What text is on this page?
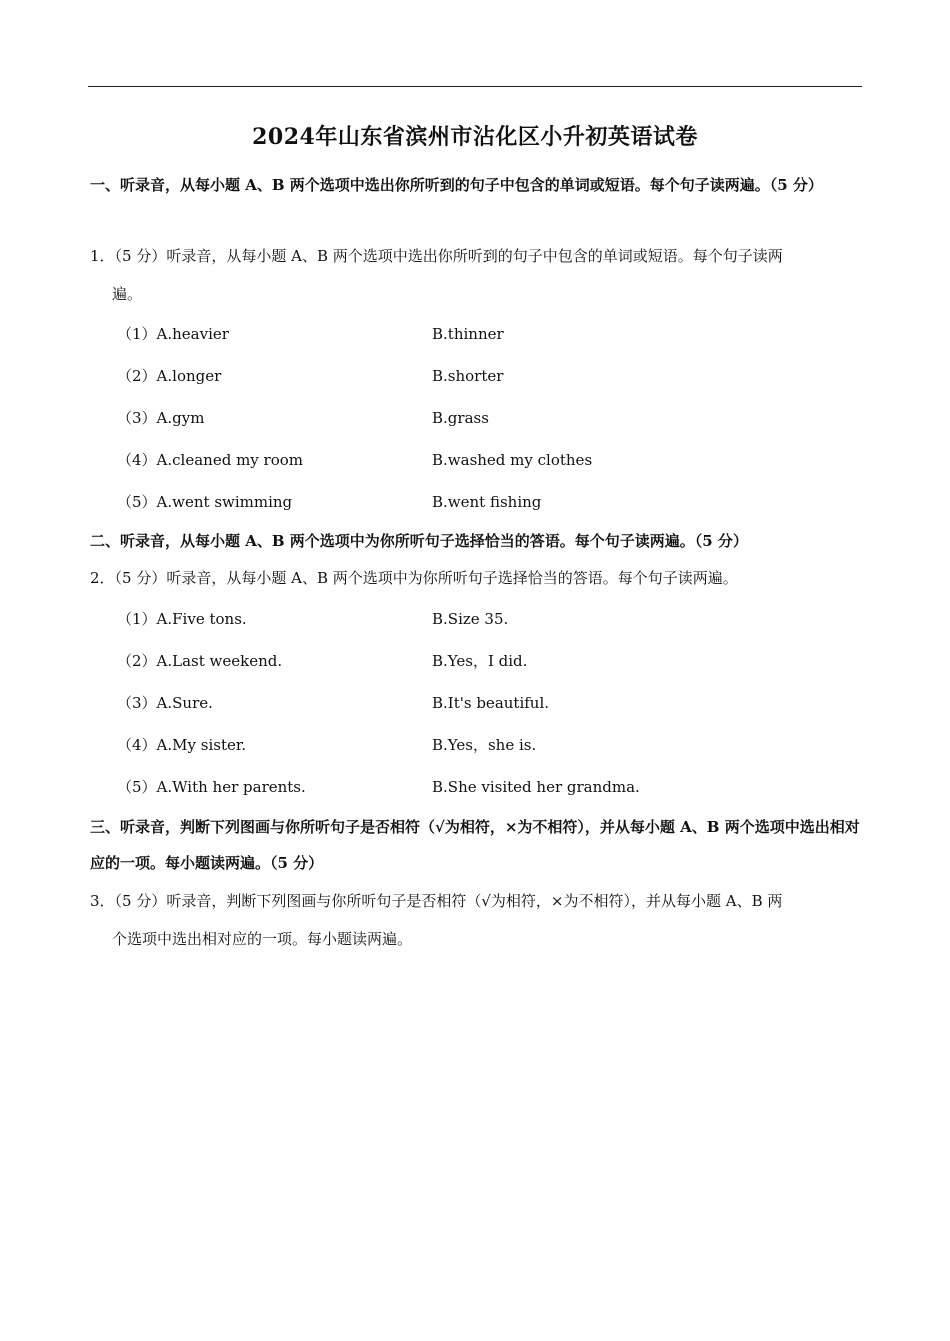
2024年山东省滨州市沾化区小升初英语试卷
一、听录音，从每小题 A、B 两个选项中选出你所听到的句子中包含的单词或短语。每个句子读两遍。（5 分）
1．（5 分）听录音，从每小题 A、B 两个选项中选出你所听到的句子中包含的单词或短语。每个句子读两
遍。
（1）A.heavier	B.thinner
（2）A.longer	B.shorter
（3）A.gym	B.grass
（4）A.cleaned my room	B.washed my clothes
（5）A.went swimming	B.went fishing
二、听录音，从每小题 A、B 两个选项中为你所听句子选择恰当的答语。每个句子读两遍。（5 分）
2．（5 分）听录音，从每小题 A、B 两个选项中为你所听句子选择恰当的答语。每个句子读两遍。
（1）A.Five tons.	B.Size 35.
（2）A.Last weekend.	B.Yes，I did.
（3）A.Sure.	B.It's beautiful.
（4）A.My sister.	B.Yes，she is.
（5）A.With her parents.	B.She visited her grandma.
三、听录音，判断下列图画与你所听句子是否相符（√为相符，×为不相符），并从每小题 A、B 两个选项中选出相对应的一项。每小题读两遍。（5 分）
3．（5 分）听录音，判断下列图画与你所听句子是否相符（√为相符，×为不相符），并从每小题 A、B 两
个选项中选出相对应的一项。每小题读两遍。
